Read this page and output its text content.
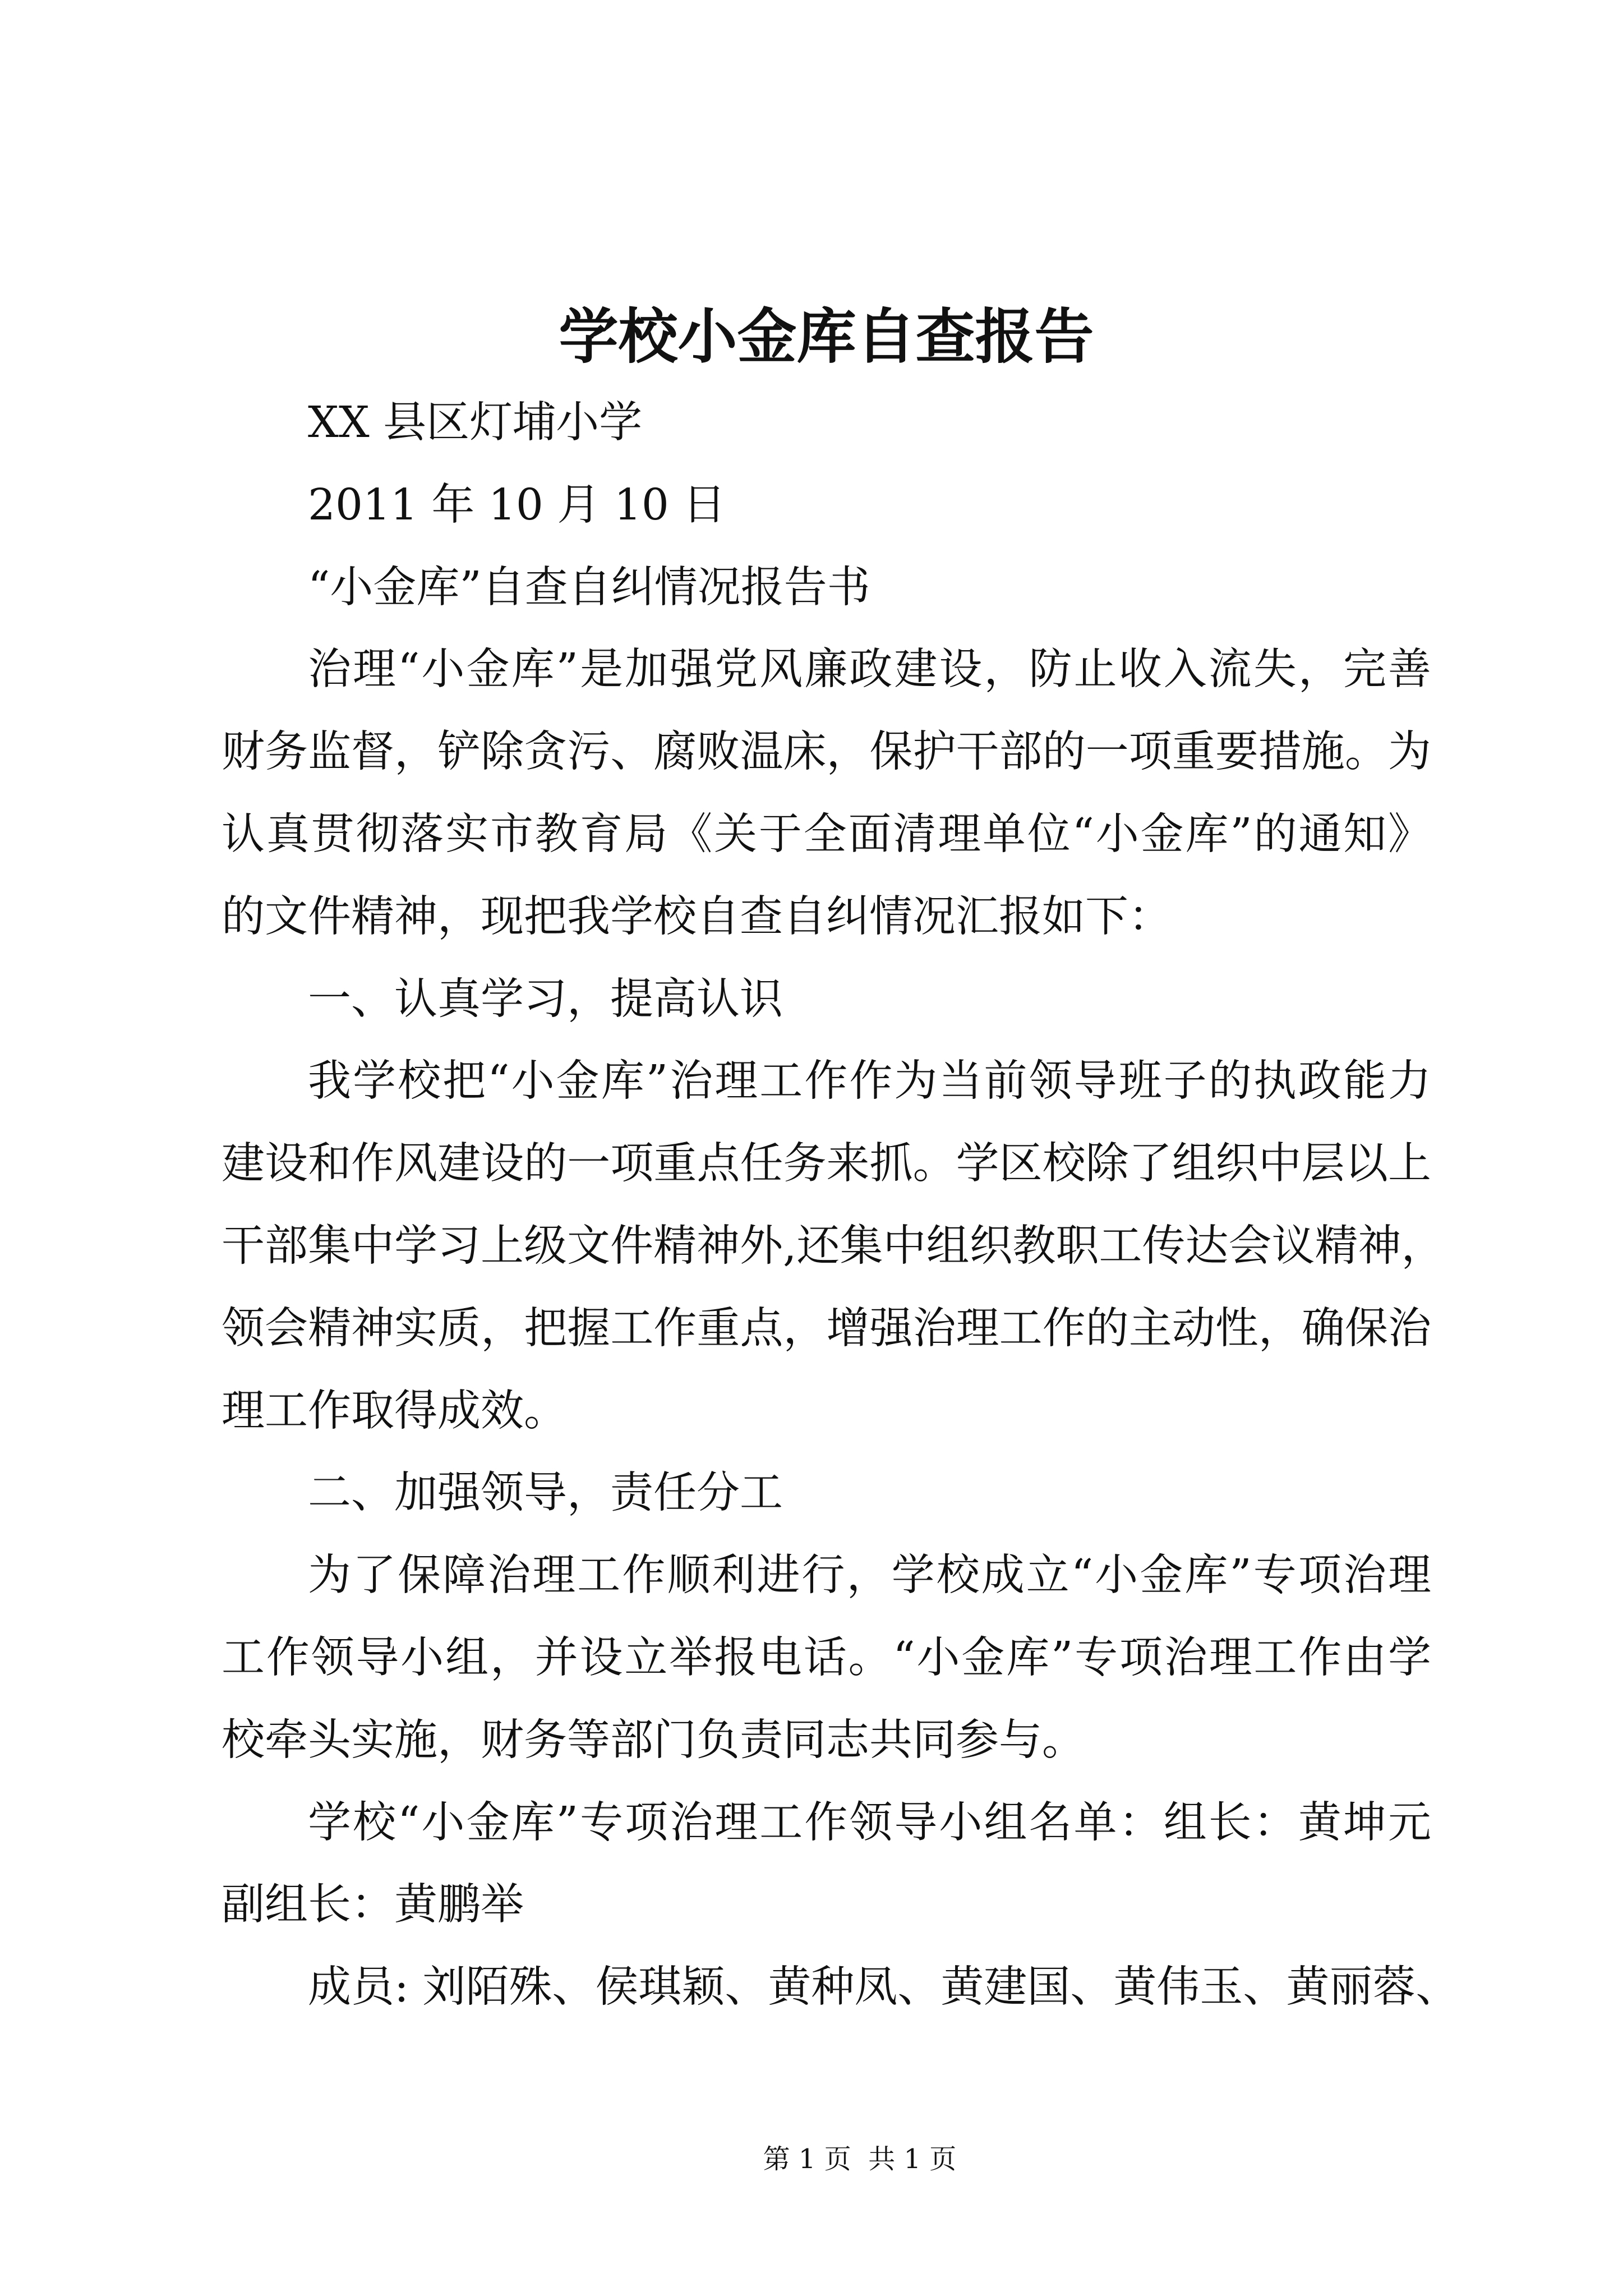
学校小金库自查报告
XX 县区灯埔小学
2011 年 10 月 10 日
“小金库”自查自纠情况报告书
治理“小金库”是加强党风廉政建设，防止收入流失，完善
财务监督，铲除贪污、腐败温床，保护干部的一项重要措施。为
认真贯彻落实市教育局《关于全面清理单位“小金库”的通知》
的文件精神，现把我学校自查自纠情况汇报如下：
一、认真学习，提高认识
我学校把“小金库”治理工作作为当前领导班子的执政能力
建设和作风建设的一项重点任务来抓。学区校除了组织中层以上
干部集中学习上级文件精神外,还集中组织教职工传达会议精神，
领会精神实质，把握工作重点，增强治理工作的主动性，确保治
理工作取得成效。
二、加强领导，责任分工
为了保障治理工作顺利进行，学校成立“小金库”专项治理
工作领导小组，并设立举报电话。“小金库”专项治理工作由学
校牵头实施，财务等部门负责同志共同参与。
学校“小金库”专项治理工作领导小组名单：组长：黄坤元
副组长：黄鹏举
成员: 刘陌殊、侯琪颖、黄种凤、黄建国、黄伟玉、黄丽蓉、
第 1 页  共 1 页
